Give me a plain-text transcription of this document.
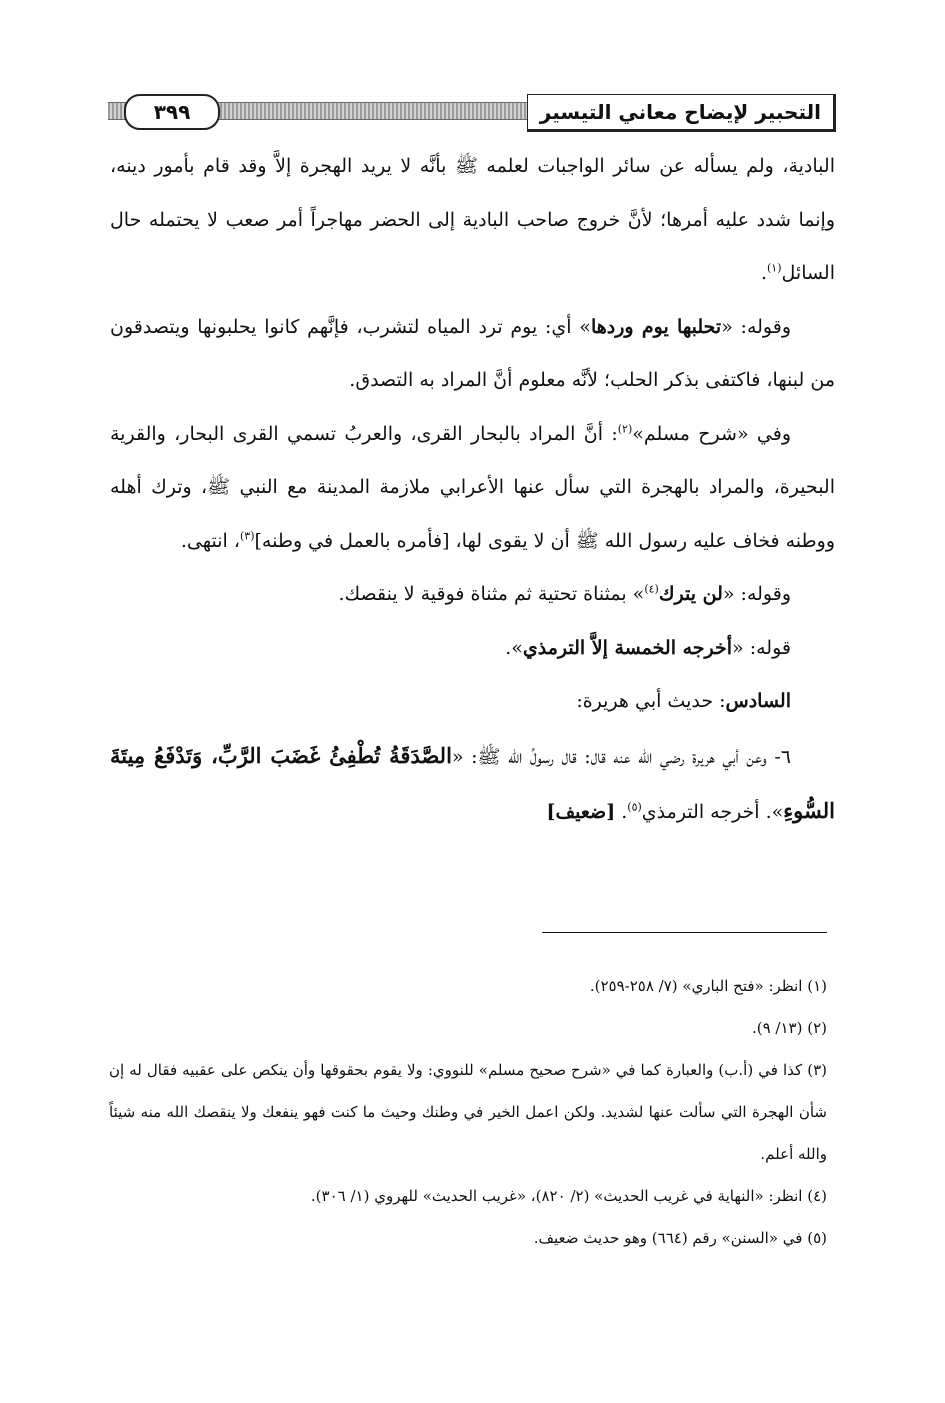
التحبير لإيضاح معاني التيسير
٣٩٩

البادية، ولم يسأله عن سائر الواجبات لعلمه ﷺ بأنَّه لا يريد الهجرة إلاَّ وقد قام بأمور دينه، وإنما شدد عليه أمرها؛ لأنَّ خروج صاحب البادية إلى الحضر مهاجراً أمر صعب لا يحتمله حال السائل$^{(١)}$.

وقوله: «تحلبها يوم وردها» أي: يوم ترد المياه لتشرب، فإنَّهم كانوا يحلبونها ويتصدقون من لبنها، فاكتفى بذكر الحلب؛ لأنَّه معلوم أنَّ المراد به التصدق.

وفي «شرح مسلم»$^{(٢)}$: أنَّ المراد بالبحار القرى، والعربُ تسمي القرى البحار، والقرية البحيرة، والمراد بالهجرة التي سأل عنها الأعرابي ملازمة المدينة مع النبي ﷺ، وترك أهله ووطنه فخاف عليه رسول الله ﷺ أن لا يقوى لها، [فأمره بالعمل في وطنه]$^{(٣)}$، انتهى.

وقوله: «لن يترك$^{(٤)}$» بمثناة تحتية ثم مثناة فوقية لا ينقصك.

قوله: «أخرجه الخمسة إلاَّ الترمذي».

السادس: حديث أبي هريرة:

٦- وعن أبي هريرة رضي الله عنه قال: قال رسولُ الله ﷺ: «الصَّدَقَةُ تُطْفِئُ غَضَبَ الرَّبِّ، وَتَدْفَعُ مِيتَةَ السُّوءِ». أخرجه الترمذي$^{(٥)}$. [ضعيف]

(١) انظر: «فتح الباري» (٧/ ٢٥٨-٢٥٩).

(٢) (١٣/ ٩).

(٣) كذا في (أ.ب) والعبارة كما في «شرح صحيح مسلم» للنووي: ولا يقوم بحقوقها وأن ينكص على عقبيه فقال له إن شأن الهجرة التي سألت عنها لشديد. ولكن اعمل الخير في وطنك وحيث ما كنت فهو ينفعك ولا ينقصك الله منه شيئاً والله أعلم.

(٤) انظر: «النهاية في غريب الحديث» (٢/ ٨٢٠)، «غريب الحديث» للهروي (١/ ٣٠٦).

(٥) في «السنن» رقم (٦٦٤) وهو حديث ضعيف.
